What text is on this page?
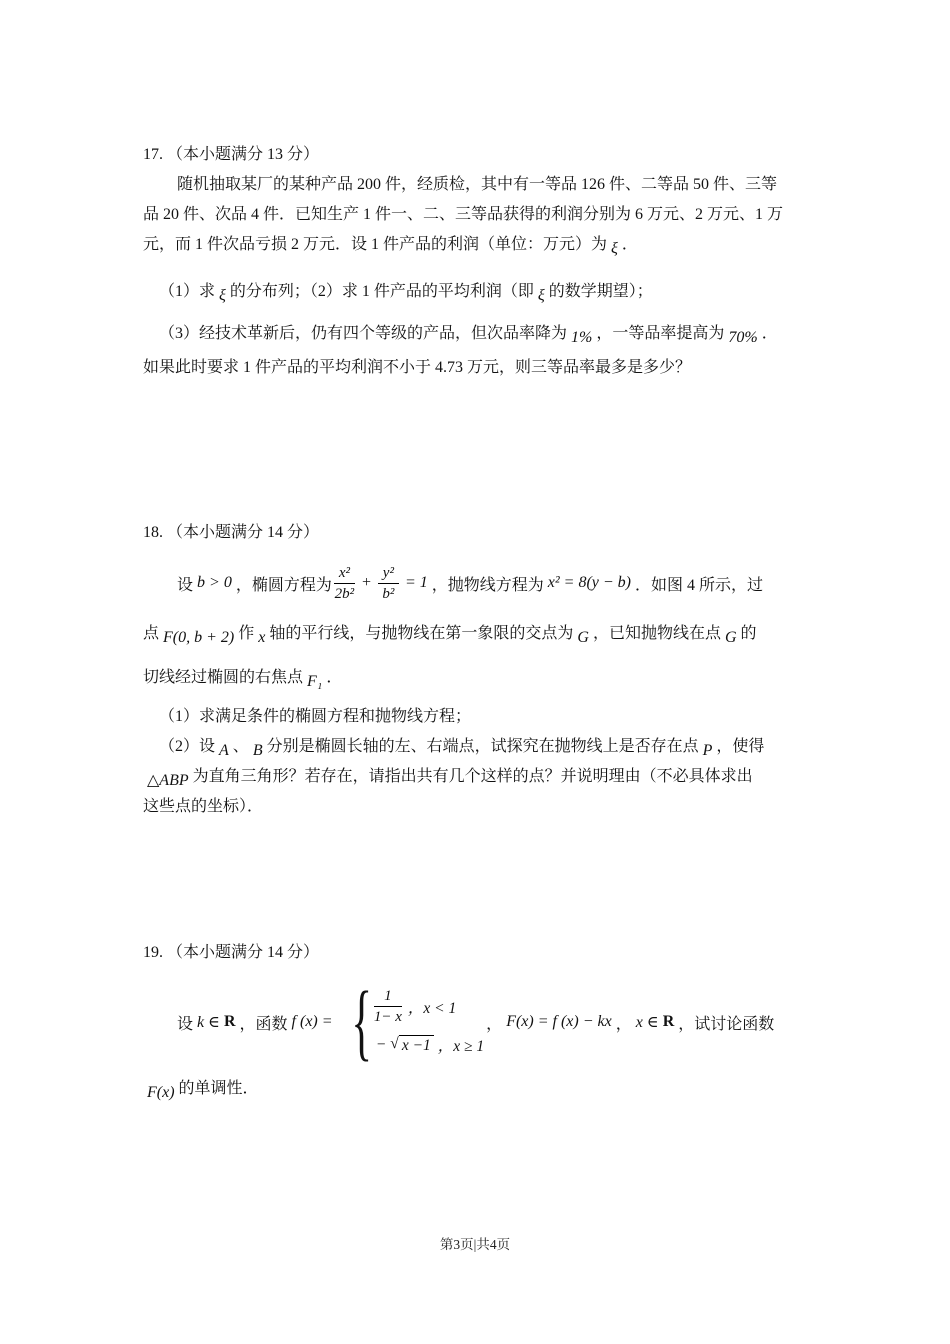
17. （本小题满分 13 分）
随机抽取某厂的某种产品 200 件，经质检，其中有一等品 126 件、二等品 50 件、三等
品 20 件、次品 4 件．已知生产 1 件一、二、三等品获得的利润分别为 6 万元、2 万元、1 万
元，而 1 件次品亏损 2 万元．设 1 件产品的利润（单位：万元）为 ξ ．
（1）求 ξ 的分布列；（2）求 1 件产品的平均利润（即 ξ 的数学期望）；
（3）经技术革新后，仍有四个等级的产品，但次品率降为 1% ，一等品率提高为 70% ．
如果此时要求 1 件产品的平均利润不小于 4.73 万元，则三等品率最多是多少？
18. （本小题满分 14 分）
设 b > 0 ，椭圆方程为 $\frac{\text{x²}}{\text{2b²}} + \frac{\text{y²}}{\text{b²}} = 1$ ，抛物线方程为 x² = 8(y − b) ．如图 4 所示，过
点 F(0, b + 2) 作 x 轴的平行线，与抛物线在第一象限的交点为 G ，已知抛物线在点 G 的
切线经过椭圆的右焦点 F₁ ．
（1）求满足条件的椭圆方程和抛物线方程；
（2）设 A 、 B 分别是椭圆长轴的左、右端点，试探究在抛物线上是否存在点 P ，使得
△ABP 为直角三角形？若存在，请指出共有几个这样的点？并说明理由（不必具体求出
这些点的坐标）．
19. （本小题满分 14 分）
设 k ∈ R ，函数 f (x) = { $\frac{1}{1- x}$ ，x < 1
− √ x −1 ，x ≥ 1
， F(x) = f (x) − kx ， x ∈ R ，试讨论函数
F(x) 的单调性．
第3页|共4页
